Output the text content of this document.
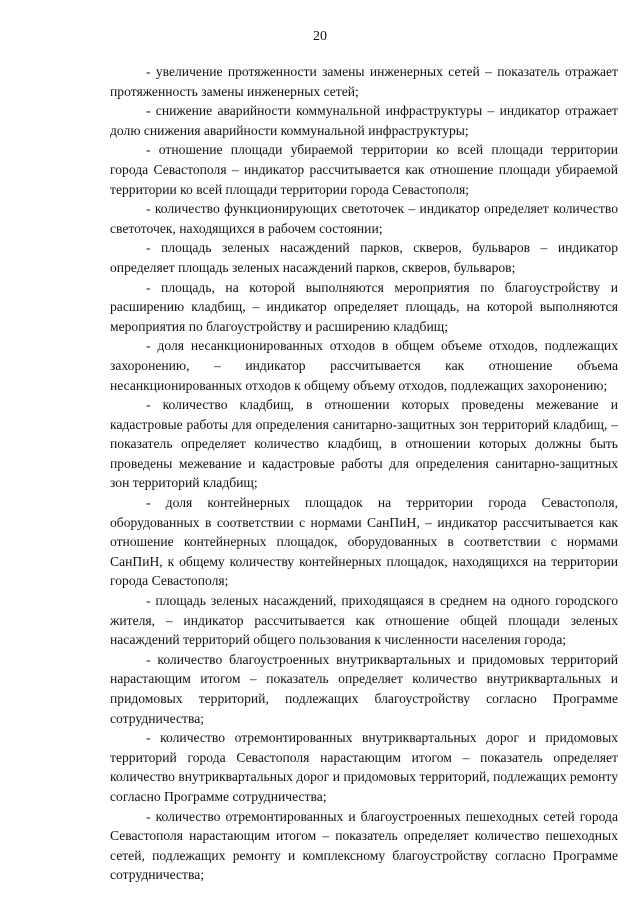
20

- увеличение протяженности замены инженерных сетей – показатель отражает протяженность замены инженерных сетей;

- снижение аварийности коммунальной инфраструктуры – индикатор отражает долю снижения аварийности коммунальной инфраструктуры;

- отношение площади убираемой территории ко всей площади территории города Севастополя – индикатор рассчитывается как отношение площади убираемой территории ко всей площади территории города Севастополя;

- количество функционирующих светоточек – индикатор определяет количество светоточек, находящихся в рабочем состоянии;

- площадь зеленых насаждений парков, скверов, бульваров – индикатор определяет площадь зеленых насаждений парков, скверов, бульваров;

- площадь, на которой выполняются мероприятия по благоустройству и расширению кладбищ, – индикатор определяет площадь, на которой выполняются мероприятия по благоустройству и расширению кладбищ;

- доля несанкционированных отходов в общем объеме отходов, подлежащих захоронению, – индикатор рассчитывается как отношение объема несанкционированных отходов к общему объему отходов, подлежащих захоронению;

- количество кладбищ, в отношении которых проведены межевание и кадастровые работы для определения санитарно-защитных зон территорий кладбищ, – показатель определяет количество кладбищ, в отношении которых должны быть проведены межевание и кадастровые работы для определения санитарно-защитных зон территорий кладбищ;

- доля контейнерных площадок на территории города Севастополя, оборудованных в соответствии с нормами СанПиН, – индикатор рассчитывается как отношение контейнерных площадок, оборудованных в соответствии с нормами СанПиН, к общему количеству контейнерных площадок, находящихся на территории города Севастополя;

- площадь зеленых насаждений, приходящаяся в среднем на одного городского жителя, – индикатор рассчитывается как отношение общей площади зеленых насаждений территорий общего пользования к численности населения города;

- количество благоустроенных внутриквартальных и придомовых территорий нарастающим итогом – показатель определяет количество внутриквартальных и придомовых территорий, подлежащих благоустройству согласно Программе сотрудничества;

- количество отремонтированных внутриквартальных дорог и придомовых территорий города Севастополя нарастающим итогом – показатель определяет количество внутриквартальных дорог и придомовых территорий, подлежащих ремонту согласно Программе сотрудничества;

- количество отремонтированных и благоустроенных пешеходных сетей города Севастополя нарастающим итогом – показатель определяет количество пешеходных сетей, подлежащих ремонту и комплексному благоустройству согласно Программе сотрудничества;
